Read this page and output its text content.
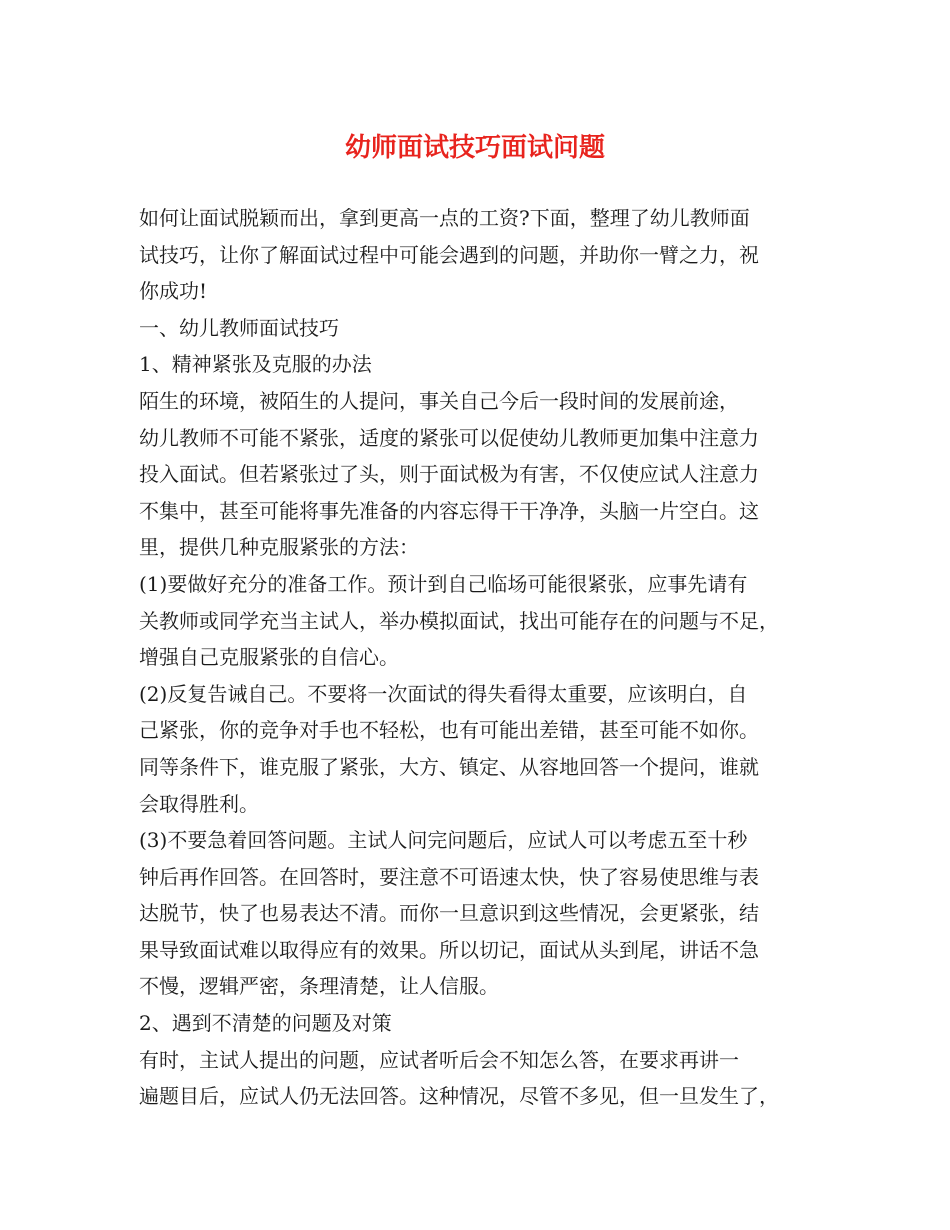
幼师面试技巧面试问题
如何让面试脱颖而出，拿到更高一点的工资?下面，整理了幼儿教师面
试技巧，让你了解面试过程中可能会遇到的问题，并助你一臂之力，祝
你成功!
一、幼儿教师面试技巧
1、精神紧张及克服的办法
陌生的环境，被陌生的人提问，事关自己今后一段时间的发展前途，
幼儿教师不可能不紧张，适度的紧张可以促使幼儿教师更加集中注意力
投入面试。但若紧张过了头，则于面试极为有害，不仅使应试人注意力
不集中，甚至可能将事先准备的内容忘得干干净净，头脑一片空白。这
里，提供几种克服紧张的方法：
(1)要做好充分的准备工作。预计到自己临场可能很紧张，应事先请有
关教师或同学充当主试人，举办模拟面试，找出可能存在的问题与不足，
增强自己克服紧张的自信心。
(2)反复告诫自己。不要将一次面试的得失看得太重要，应该明白，自
己紧张，你的竞争对手也不轻松，也有可能出差错，甚至可能不如你。
同等条件下，谁克服了紧张，大方、镇定、从容地回答一个提问，谁就
会取得胜利。
(3)不要急着回答问题。主试人问完问题后，应试人可以考虑五至十秒
钟后再作回答。在回答时，要注意不可语速太快，快了容易使思维与表
达脱节，快了也易表达不清。而你一旦意识到这些情况，会更紧张，结
果导致面试难以取得应有的效果。所以切记，面试从头到尾，讲话不急
不慢，逻辑严密，条理清楚，让人信服。
2、遇到不清楚的问题及对策
有时，主试人提出的问题，应试者听后会不知怎么答，在要求再讲一
遍题目后，应试人仍无法回答。这种情况，尽管不多见，但一旦发生了，
